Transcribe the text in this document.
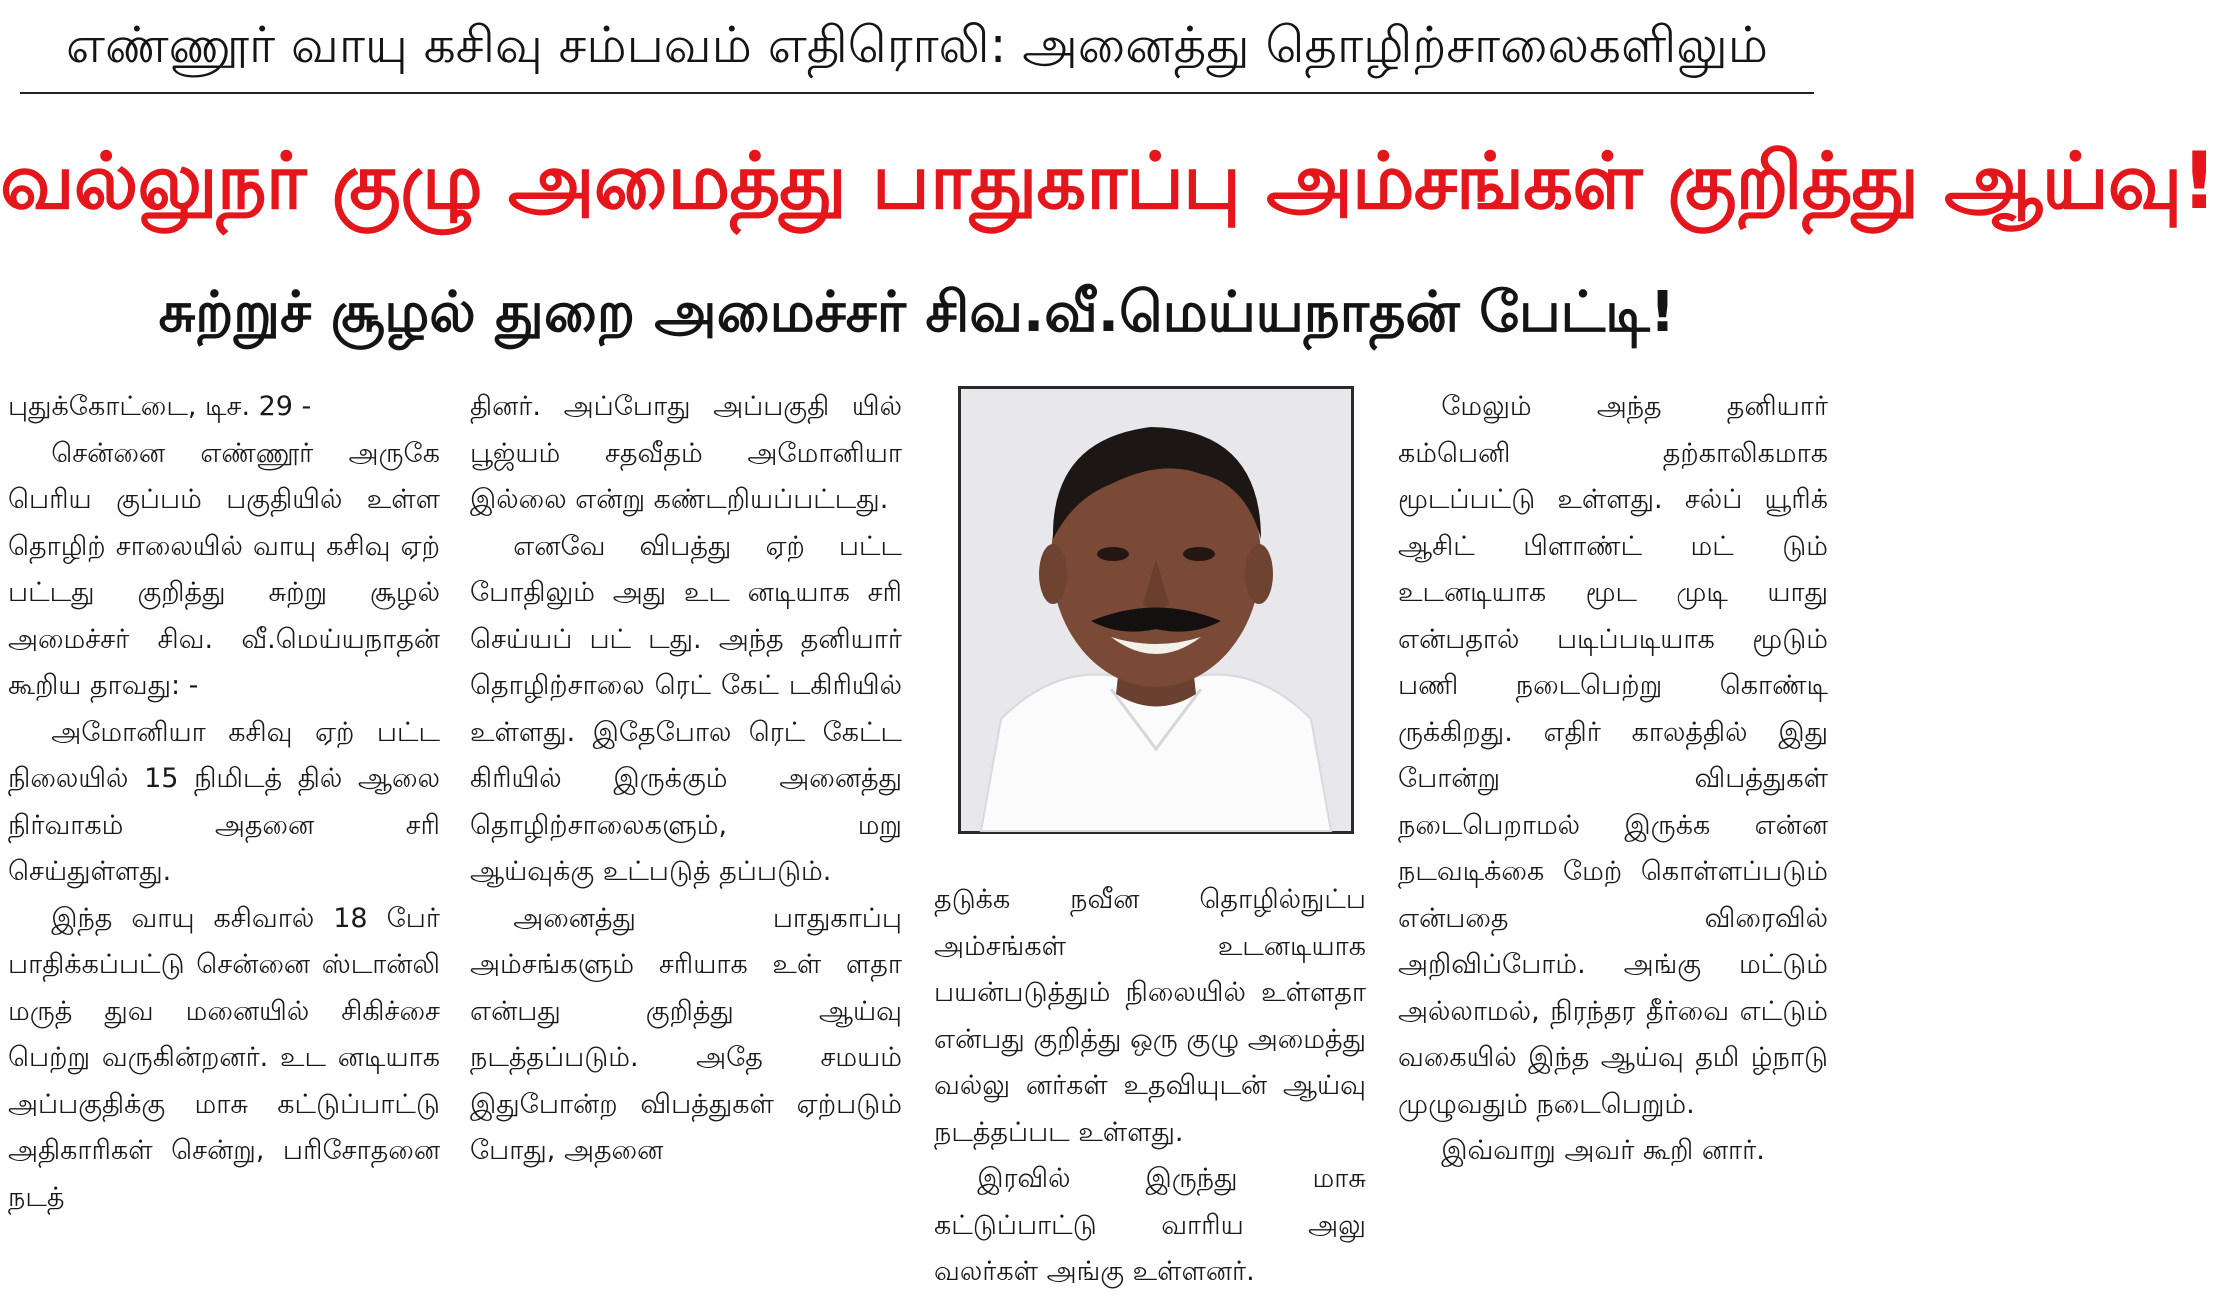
எண்ணூர் வாயு கசிவு சம்பவம் எதிரொலி: அனைத்து தொழிற்சாலைகளிலும்
வல்லுநர் குழு அமைத்து பாதுகாப்பு அம்சங்கள் குறித்து ஆய்வு!
சுற்றுச் சூழல் துறை அமைச்சர் சிவ.வீ.மெய்யநாதன் பேட்டி!

புதுக்கோட்டை, டிச. 29 -

சென்னை எண்ணூர் அருகே பெரிய குப்பம் பகுதியில் உள்ள தொழிற் சாலையில் வாயு கசிவு ஏற் பட்டது குறித்து சுற்று சூழல் அமைச்சர் சிவ. வீ.மெய்யநாதன் கூறிய தாவது: -

அமோனியா கசிவு ஏற் பட்ட நிலையில் 15 நிமிடத் தில் ஆலை நிர்வாகம் அதனை சரி செய்துள்ளது.

இந்த வாயு கசிவால் 18 பேர் பாதிக்கப்பட்டு சென்னை ஸ்டான்லி மருத் துவ மனையில் சிகிச்சை பெற்று வருகின்றனர். உட னடியாக அப்பகுதிக்கு மாசு கட்டுப்பாட்டு அதிகாரிகள் சென்று, பரிசோதனை நடத்

தினர். அப்போது அப்பகுதி யில் பூஜ்யம் சதவீதம் அமோனியா இல்லை என்று கண்டறியப்பட்டது.

எனவே விபத்து ஏற் பட்ட போதிலும் அது உட னடியாக சரி செய்யப் பட் டது. அந்த தனியார் தொழிற்சாலை ரெட் கேட் டகிரியில் உள்ளது. இதேபோல ரெட் கேட்ட கிரியில் இருக்கும் அனைத்து தொழிற்சாலைகளும், மறு ஆய்வுக்கு உட்படுத் தப்படும்.

அனைத்து பாதுகாப்பு அம்சங்களும் சரியாக உள் ளதா என்பது குறித்து ஆய்வு நடத்தப்படும். அதே சமயம் இதுபோன்ற விபத்துகள் ஏற்படும் போது, அதனை

தடுக்க நவீன தொழில்நுட்ப அம்சங்கள் உடனடியாக பயன்படுத்தும் நிலையில் உள்ளதா என்பது குறித்து ஒரு குழு அமைத்து வல்லு னர்கள் உதவியுடன் ஆய்வு நடத்தப்பட உள்ளது.

இரவில் இருந்து மாசு கட்டுப்பாட்டு வாரிய அலு வலர்கள் அங்கு உள்ளனர்.

மேலும் அந்த தனியார் கம்பெனி தற்காலிகமாக மூடப்பட்டு உள்ளது. சல்ப் யூரிக் ஆசிட் பிளாண்ட் மட் டும் உடனடியாக மூட முடி யாது என்பதால் படிப்படியாக மூடும் பணி நடைபெற்று கொண்டி ருக்கிறது. எதிர் காலத்தில் இது போன்று விபத்துகள் நடைபெறாமல் இருக்க என்ன நடவடிக்கை மேற் கொள்ளப்படும் என்பதை விரைவில் அறிவிப்போம். அங்கு மட்டும் அல்லாமல், நிரந்தர தீர்வை எட்டும் வகையில் இந்த ஆய்வு தமி ழ்நாடு முழுவதும் நடைபெறும்.

இவ்வாறு அவர் கூறி னார்.
